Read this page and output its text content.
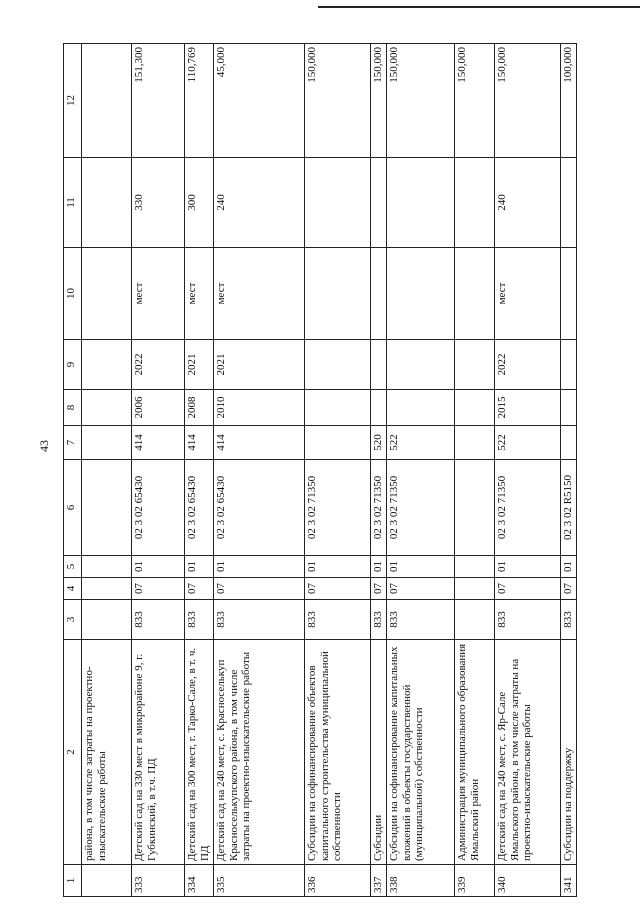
43
1	2	3	4	5	6	7	8	9	10	11	12
	района, в том числе затраты на проектно-изыскательские работы										
333	Детский сад на 330 мест в микрорайоне 9, г. Губкинский, в т.ч. ПД	833	07	01	02 3 02 65430	414	2006	2022	мест	330	151,300
334	Детский сад на 300 мест, г. Тарко-Сале, в т. ч. ПД	833	07	01	02 3 02 65430	414	2008	2021	мест	300	110,769
335	Детский сад на 240 мест, с. Красноселькуп Красноселькупского района, в том числе затраты на проектно-изыскательские работы	833	07	01	02 3 02 65430	414	2010	2021	мест	240	45,000
336	Субсидии на софинансирование объектов капитального строительства муниципальной собственности	833	07	01	02 3 02 71350						150,000
337	Субсидии	833	07	01	02 3 02 71350	520					150,000
338	Субсидии на софинансирование капитальных вложений в объекты государственной (муниципальной) собственности	833	07	01	02 3 02 71350	522					150,000
339	Администрация муниципального образования Ямальский район										150,000
340	Детский сад на 240 мест, с. Яр-Сале Ямальского района, в том числе затраты на проектно-изыскательские работы	833	07	01	02 3 02 71350	522	2015	2022	мест	240	150,000
341	Субсидии на поддержку	833	07	01	02 3 02 R5150						100,000
